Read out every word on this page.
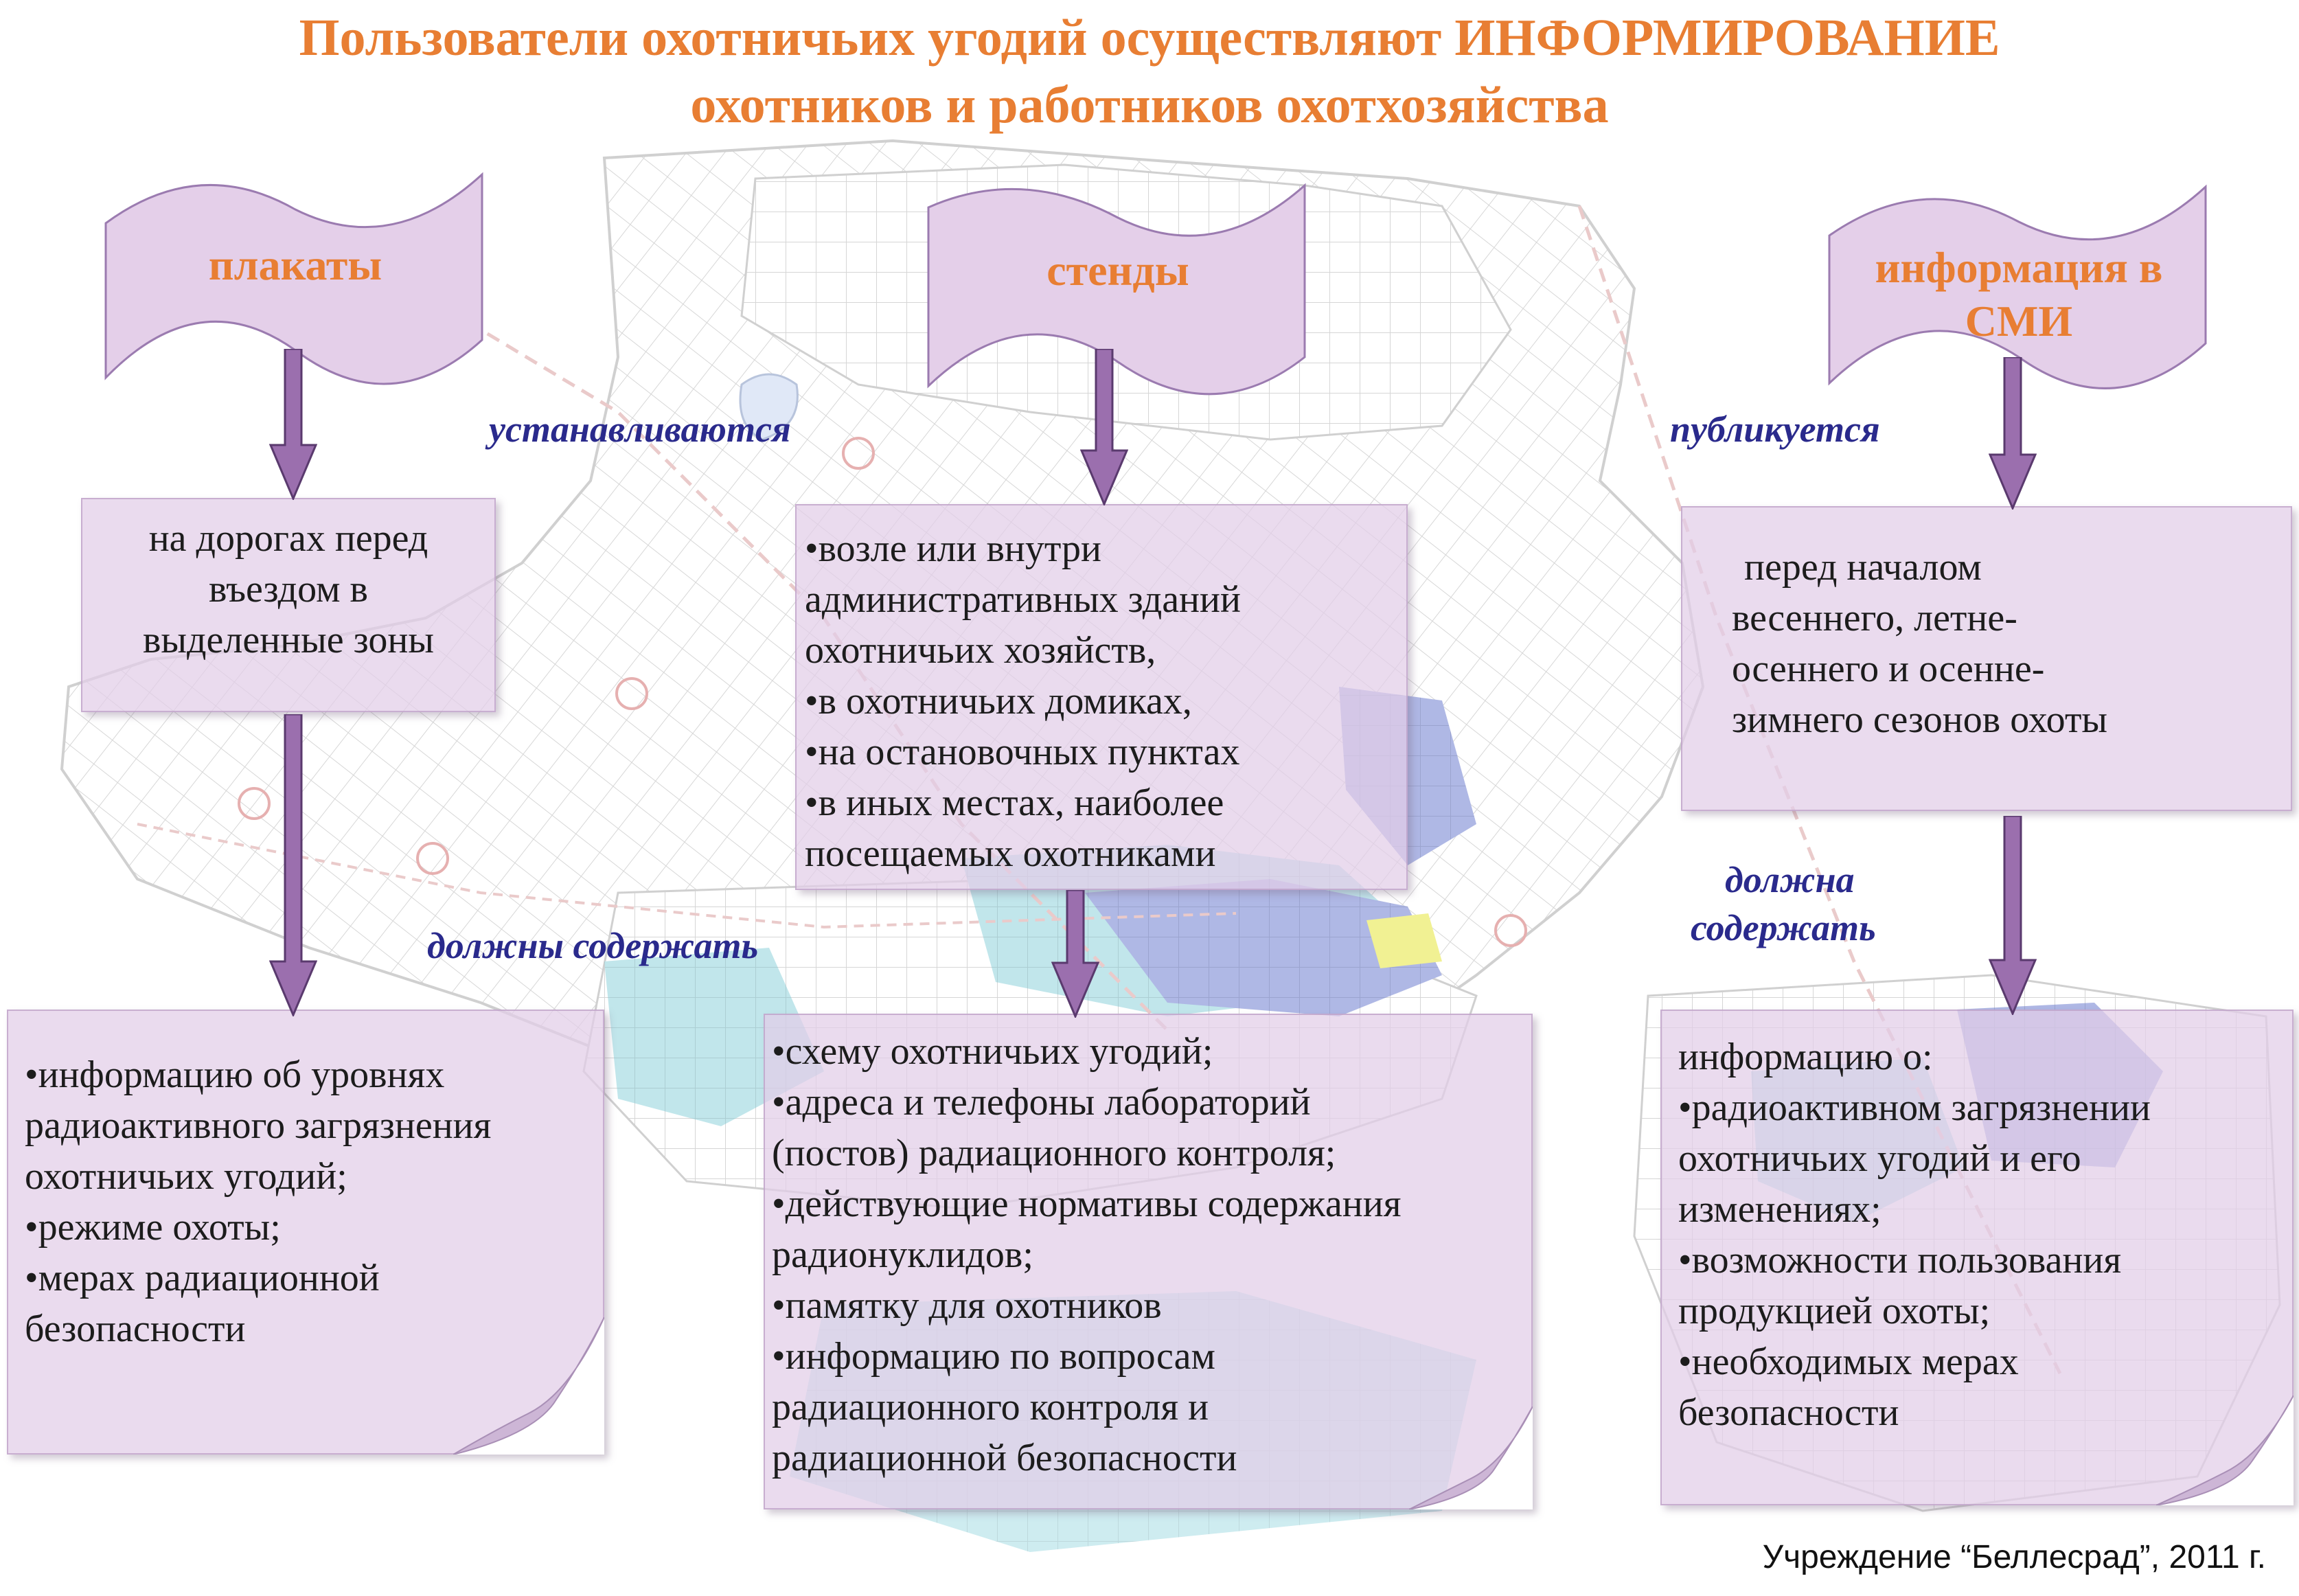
Пользователи охотничьих угодий осуществляют ИНФОРМИРОВАНИЕ
охотников и работников охотхозяйства
плакаты	стенды	информация в
СМИ
устанавливаются	публикуется
должны содержать
должна
содержать
на дорогах перед
въездом в
выделенные зоны
•возле или внутри
административных зданий
охотничьих хозяйств,
•в охотничьих домиках,
•на остановочных пунктах
•в иных местах, наиболее
посещаемых охотниками
перед началом
весеннего, летне-
осеннего и осенне-
зимнего сезонов охоты
•информацию об уровнях
радиоактивного загрязнения
охотничьих угодий;
•режиме охоты;
•мерах радиационной
безопасности
•схему охотничьих угодий;
•адреса и телефоны лабораторий
(постов) радиационного контроля;
•действующие нормативы содержания
радионуклидов;
•памятку для охотников
•информацию по вопросам
радиационного контроля и
радиационной безопасности
информацию о:
•радиоактивном загрязнении
охотничьих угодий и его
изменениях;
•возможности пользования
продукцией охоты;
•необходимых мерах
безопасности
Учреждение “Беллесрад”, 2011 г.
